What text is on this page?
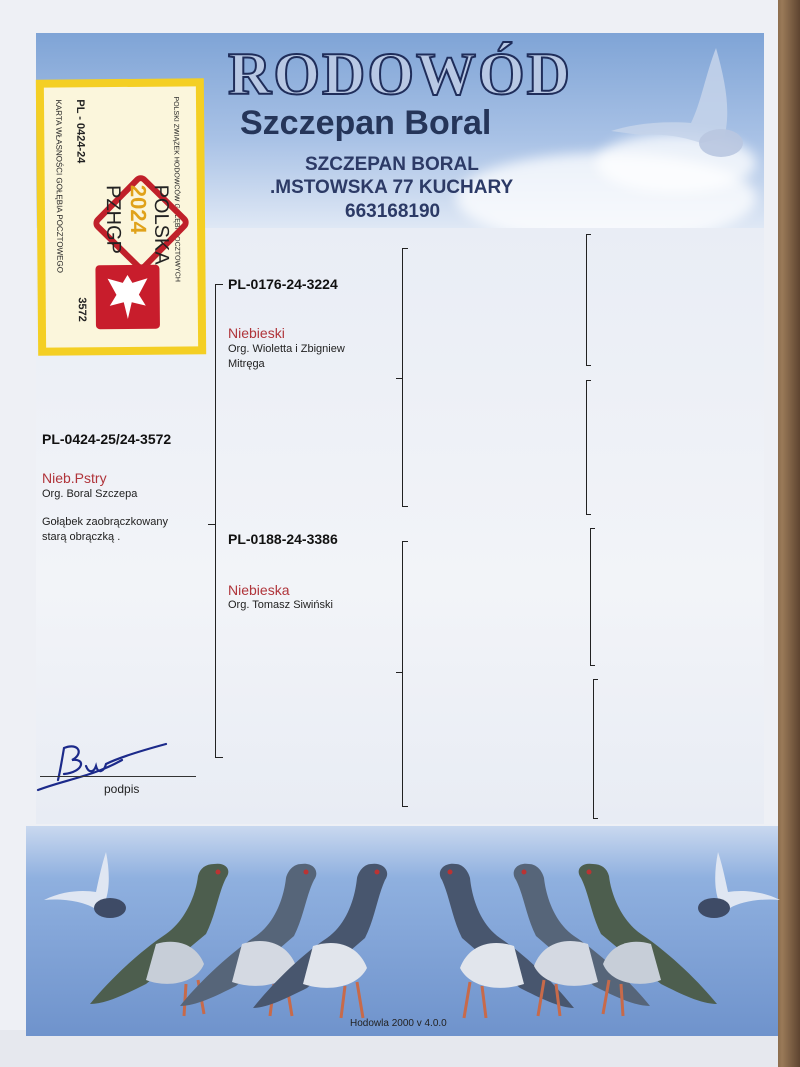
RODOWÓD
Szczepan Boral
SZCZEPAN BORAL
.MSTOWSKA 77 KUCHARY
663168190
POLSKI ZWIĄZEK HODOWCÓW GOŁĘBI POCZTOWYCH
POLSKA
2024
PZHGP
PL - 0424-24
3572
KARTA WŁASNOŚCI GOŁĘBIA POCZTOWEGO
PL-0424-25/24-3572
Nieb.Pstry
Org. Boral Szczepa
Gołąbek zaobrączkowany
starą obrączką .
PL-0176-24-3224
Niebieski
Org. Wioletta i Zbigniew
Mitręga
PL-0188-24-3386
Niebieska
Org. Tomasz Siwiński
podpis
Hodowla 2000 v 4.0.0
